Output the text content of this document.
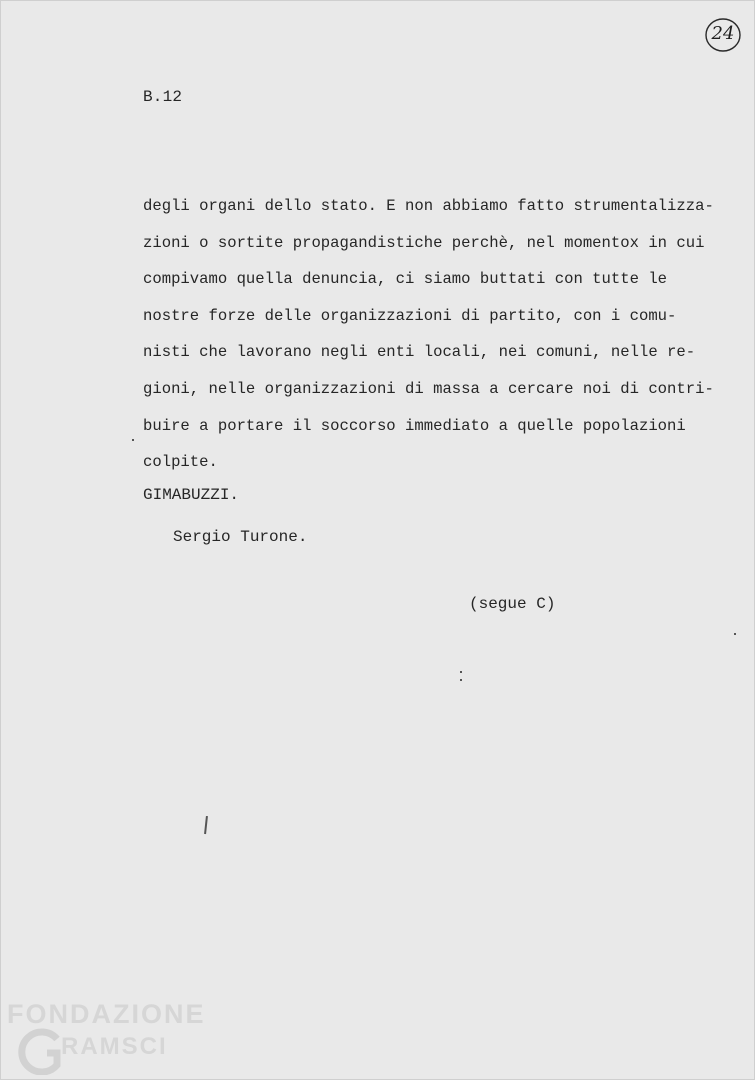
24
B.12
degli organi dello stato. E non abbiamo fatto strumentalizza-
zioni o sortite propagandistiche perchè, nel momentox in cui
compivamo quella denuncia, ci siamo buttati con tutte le
nostre forze delle organizzazioni di partito, con i comu-
nisti che lavorano negli enti locali, nei comuni, nelle re-
gioni, nelle organizzazioni di massa a cercare noi di contri-
buire a portare il soccorso immediato a quelle popolazioni
colpite.
GIMABUZZI.
Sergio Turone.
(segue C)
FONDAZIONE
RAMSCI
